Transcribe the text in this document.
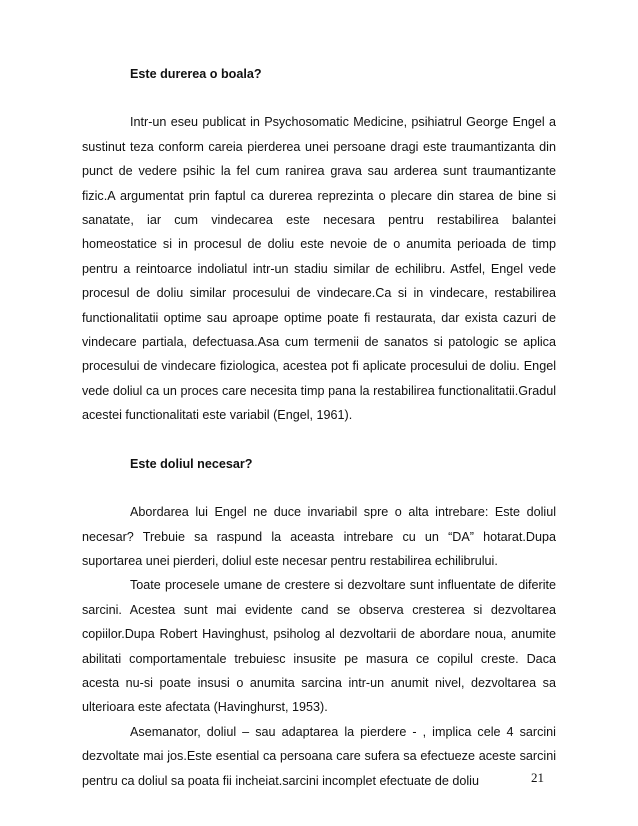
Este durerea o boala?

Intr-un eseu publicat in Psychosomatic Medicine, psihiatrul George Engel a sustinut teza conform careia pierderea unei persoane dragi este traumantizanta din punct de vedere psihic la fel cum ranirea grava sau arderea sunt traumantizante fizic.A argumentat prin faptul ca durerea reprezinta o plecare din starea de bine si sanatate, iar cum vindecarea este necesara pentru restabilirea balantei homeostatice si in procesul de doliu este nevoie de o anumita perioada de timp pentru a reintoarce indoliatul intr-un stadiu similar de echilibru. Astfel, Engel vede procesul de doliu similar procesului de vindecare.Ca si in vindecare, restabilirea functionalitatii optime sau aproape optime poate fi restaurata, dar exista cazuri de vindecare partiala, defectuasa.Asa cum termenii de sanatos si patologic se aplica procesului de vindecare fiziologica, acestea pot fi aplicate procesului de doliu. Engel vede doliul ca un proces care necesita timp pana la restabilirea functionalitatii.Gradul acestei functionalitati este variabil (Engel, 1961).

Este doliul necesar?

Abordarea lui Engel ne duce invariabil spre o alta intrebare: Este doliul necesar? Trebuie sa raspund la aceasta intrebare cu un “DA” hotarat.Dupa suportarea unei pierderi, doliul este necesar pentru restabilirea echilibrului.

Toate procesele umane de crestere si dezvoltare sunt influentate de diferite sarcini. Acestea sunt mai evidente cand se observa cresterea si dezvoltarea copiilor.Dupa Robert Havinghust, psiholog al dezvoltarii de abordare noua, anumite abilitati comportamentale trebuiesc insusite pe masura ce copilul creste. Daca acesta nu-si poate insusi o anumita sarcina intr-un anumit nivel, dezvoltarea sa ulterioara este afectata (Havinghurst, 1953).

Asemanator, doliul – sau adaptarea la pierdere - , implica cele 4 sarcini dezvoltate mai jos.Este esential ca persoana care sufera sa efectueze aceste sarcini pentru ca doliul sa poata fii incheiat.sarcini incomplet efectuate de doliu	21
